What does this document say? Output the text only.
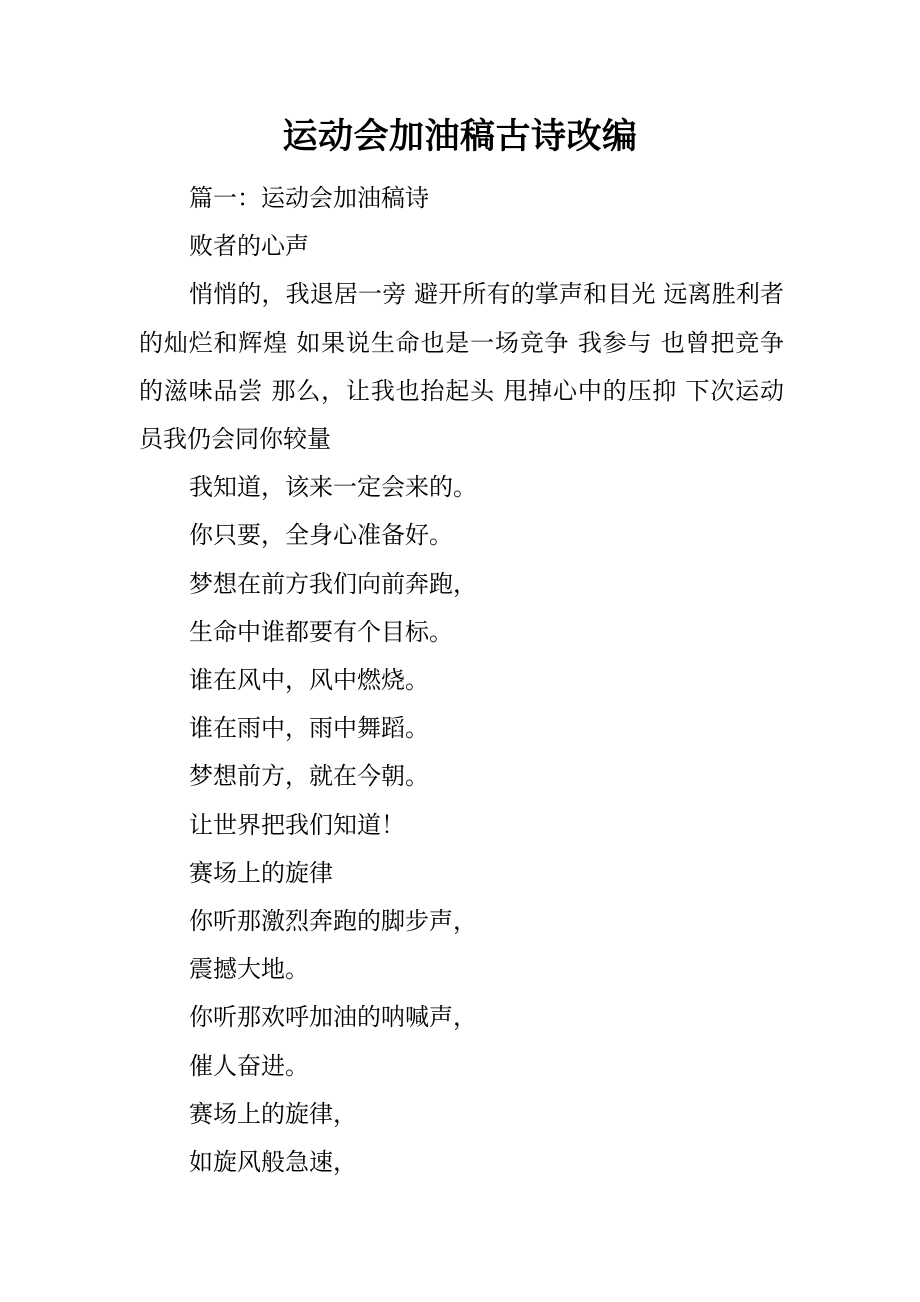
运动会加油稿古诗改编

篇一：运动会加油稿诗

败者的心声

悄悄的，我退居一旁 避开所有的掌声和目光 远离胜利者的灿烂和辉煌 如果说生命也是一场竞争 我参与 也曾把竞争的滋味品尝 那么，让我也抬起头 甩掉心中的压抑 下次运动员我仍会同你较量

我知道，该来一定会来的。

你只要，全身心准备好。

梦想在前方我们向前奔跑，

生命中谁都要有个目标。

谁在风中，风中燃烧。

谁在雨中，雨中舞蹈。

梦想前方，就在今朝。

让世界把我们知道！

赛场上的旋律

你听那激烈奔跑的脚步声，

震撼大地。

你听那欢呼加油的呐喊声，

催人奋进。

赛场上的旋律，

如旋风般急速，
